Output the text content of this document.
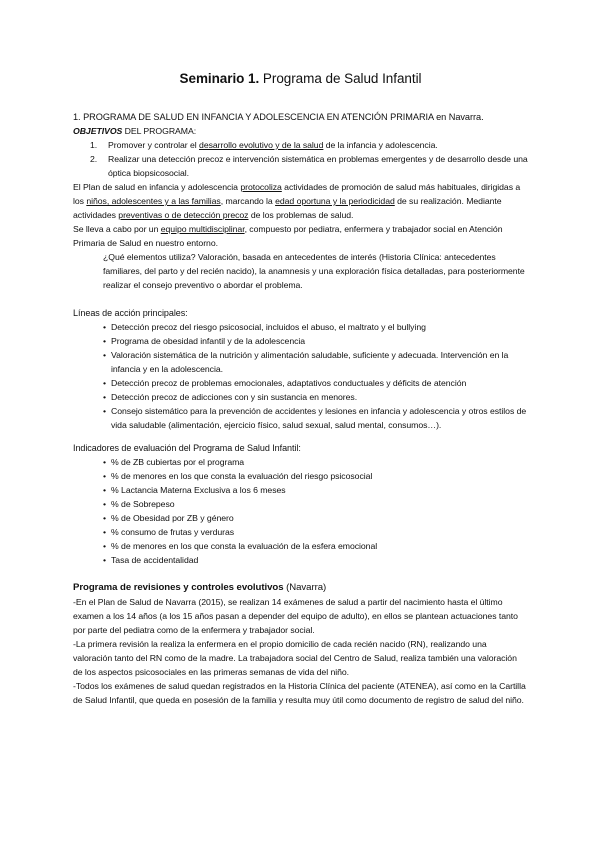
Seminario 1. Programa de Salud Infantil

1. PROGRAMA DE SALUD EN INFANCIA Y ADOLESCENCIA EN ATENCIÓN PRIMARIA en Navarra.

OBJETIVOS DEL PROGRAMA:

1. Promover y controlar el desarrollo evolutivo y de la salud de la infancia y adolescencia.
2. Realizar una detección precoz e intervención sistemática en problemas emergentes y de desarrollo desde una óptica biopsicosocial.

El Plan de salud en infancia y adolescencia protocoliza actividades de promoción de salud más habituales, dirigidas a los niños, adolescentes y a las familias, marcando la edad oportuna y la periodicidad de su realización. Mediante actividades preventivas o de detección precoz de los problemas de salud.

Se lleva a cabo por un equipo multidisciplinar, compuesto por pediatra, enfermera y trabajador social en Atención Primaria de Salud en nuestro entorno.

¿Qué elementos utiliza? Valoración, basada en antecedentes de interés (Historia Clínica: antecedentes familiares, del parto y del recién nacido), la anamnesis y una exploración física detalladas, para posteriormente realizar el consejo preventivo o abordar el problema.

Líneas de acción principales:

• Detección precoz del riesgo psicosocial, incluidos el abuso, el maltrato y el bullying
• Programa de obesidad infantil y de la adolescencia
• Valoración sistemática de la nutrición y alimentación saludable, suficiente y adecuada. Intervención en la infancia y en la adolescencia.
• Detección precoz de problemas emocionales, adaptativos conductuales y déficits de atención
• Detección precoz de adicciones con y sin sustancia en menores.
• Consejo sistemático para la prevención de accidentes y lesiones en infancia y adolescencia y otros estilos de vida saludable (alimentación, ejercicio físico, salud sexual, salud mental, consumos…).

Indicadores de evaluación del Programa de Salud Infantil:

• % de ZB cubiertas por el programa
• % de menores en los que consta la evaluación del riesgo psicosocial
• % Lactancia Materna Exclusiva a los 6 meses
• % de Sobrepeso
• % de Obesidad por ZB y género
• % consumo de frutas y verduras
• % de menores en los que consta la evaluación de la esfera emocional
• Tasa de accidentalidad

Programa de revisiones y controles evolutivos (Navarra)

-En el Plan de Salud de Navarra (2015), se realizan 14 exámenes de salud a partir del nacimiento hasta el último examen a los 14 años (a los 15 años pasan a depender del equipo de adulto), en ellos se plantean actuaciones tanto por parte del pediatra como de la enfermera y trabajador social.

-La primera revisión la realiza la enfermera en el propio domicilio de cada recién nacido (RN), realizando una valoración tanto del RN como de la madre. La trabajadora social del Centro de Salud, realiza también una valoración de los aspectos psicosociales en las primeras semanas de vida del niño.

-Todos los exámenes de salud quedan registrados en la Historia Clínica del paciente (ATENEA), así como en la Cartilla de Salud Infantil, que queda en posesión de la familia y resulta muy útil como documento de registro de salud del niño.
